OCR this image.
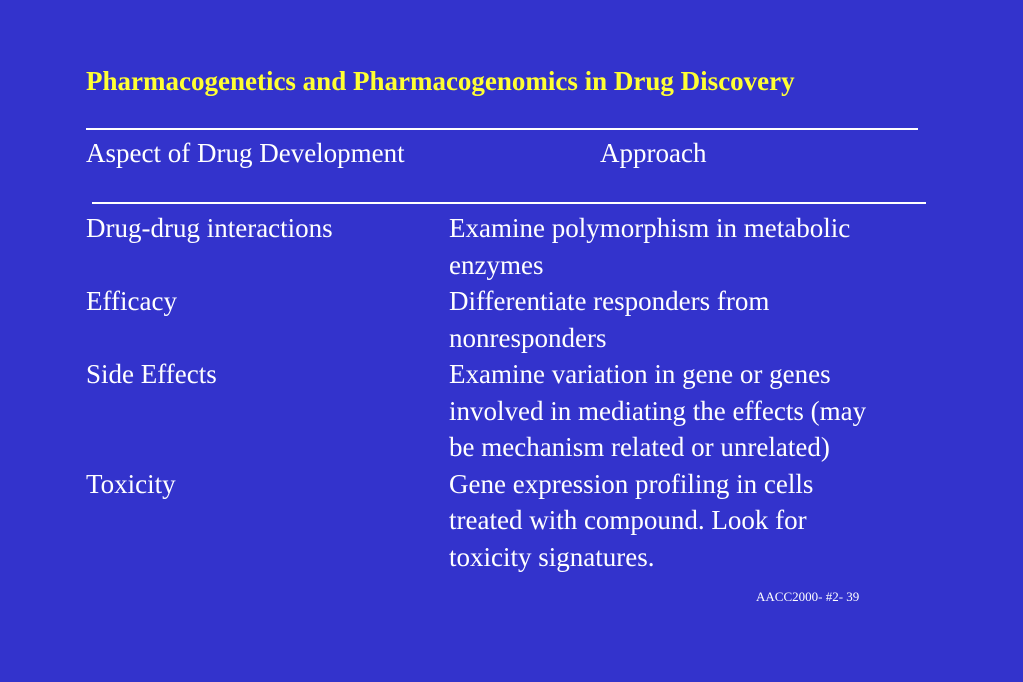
Pharmacogenetics and Pharmacogenomics in Drug Discovery
Aspect of Drug Development	Approach
Drug-drug interactions	Examine polymorphism in metabolic
enzymes
Efficacy	Differentiate responders from
nonresponders
Side Effects	Examine variation in gene or genes
involved in mediating the effects (may
be mechanism related or unrelated)
Toxicity	Gene expression profiling in cells
treated with compound. Look for
toxicity signatures.
AACC2000- #2- 39
